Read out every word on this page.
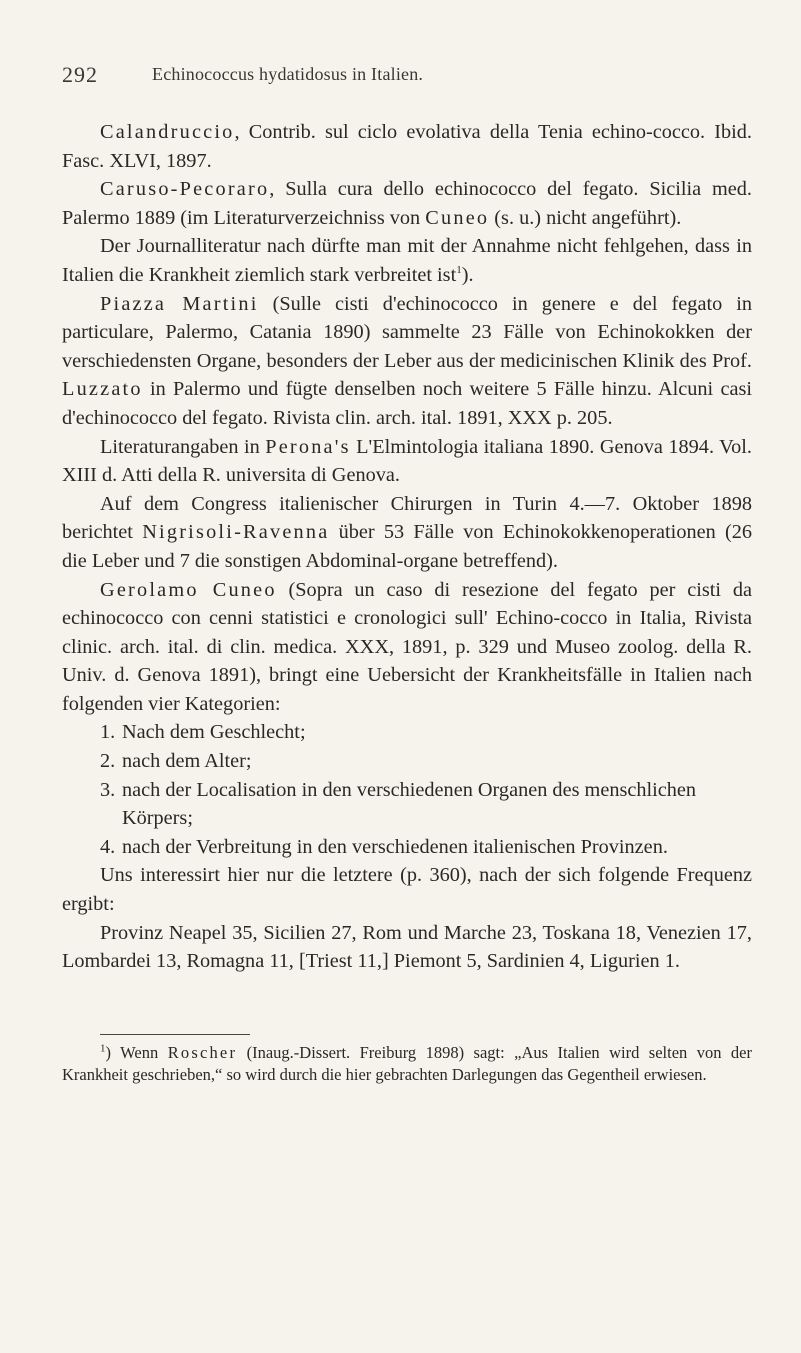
292	Echinococcus hydatidosus in Italien.

Calandruccio, Contrib. sul ciclo evolativa della Tenia echino-cocco. Ibid. Fasc. XLVI, 1897.

Caruso-Pecoraro, Sulla cura dello echinococco del fegato. Sicilia med. Palermo 1889 (im Literaturverzeichniss von Cuneo (s. u.) nicht angeführt).

Der Journalliteratur nach dürfte man mit der Annahme nicht fehlgehen, dass in Italien die Krankheit ziemlich stark verbreitet ist$^1$).

Piazza Martini (Sulle cisti d'echinococco in genere e del fegato in particulare, Palermo, Catania 1890) sammelte 23 Fälle von Echinokokken der verschiedensten Organe, besonders der Leber aus der medicinischen Klinik des Prof. Luzzato in Palermo und fügte denselben noch weitere 5 Fälle hinzu. Alcuni casi d'echinococco del fegato. Rivista clin. arch. ital. 1891, XXX p. 205.

Literaturangaben in Perona's L'Elmintologia italiana 1890. Genova 1894. Vol. XIII d. Atti della R. universita di Genova.

Auf dem Congress italienischer Chirurgen in Turin 4.—7. Oktober 1898 berichtet Nigrisoli-Ravenna über 53 Fälle von Echinokokkenoperationen (26 die Leber und 7 die sonstigen Abdominal-organe betreffend).

Gerolamo Cuneo (Sopra un caso di resezione del fegato per cisti da echinococco con cenni statistici e cronologici sull' Echino-cocco in Italia, Rivista clinic. arch. ital. di clin. medica. XXX, 1891, p. 329 und Museo zoolog. della R. Univ. d. Genova 1891), bringt eine Uebersicht der Krankheitsfälle in Italien nach folgenden vier Kategorien:

1. Nach dem Geschlecht;
2. nach dem Alter;
3. nach der Localisation in den verschiedenen Organen des menschlichen Körpers;
4. nach der Verbreitung in den verschiedenen italienischen Provinzen.

Uns interessirt hier nur die letztere (p. 360), nach der sich folgende Frequenz ergibt:

Provinz Neapel 35, Sicilien 27, Rom und Marche 23, Toskana 18, Venezien 17, Lombardei 13, Romagna 11, [Triest 11,] Piemont 5, Sardinien 4, Ligurien 1.

$^1$) Wenn Roscher (Inaug.-Dissert. Freiburg 1898) sagt: „Aus Italien wird selten von der Krankheit geschrieben,“ so wird durch die hier gebrachten Darlegungen das Gegentheil erwiesen.
